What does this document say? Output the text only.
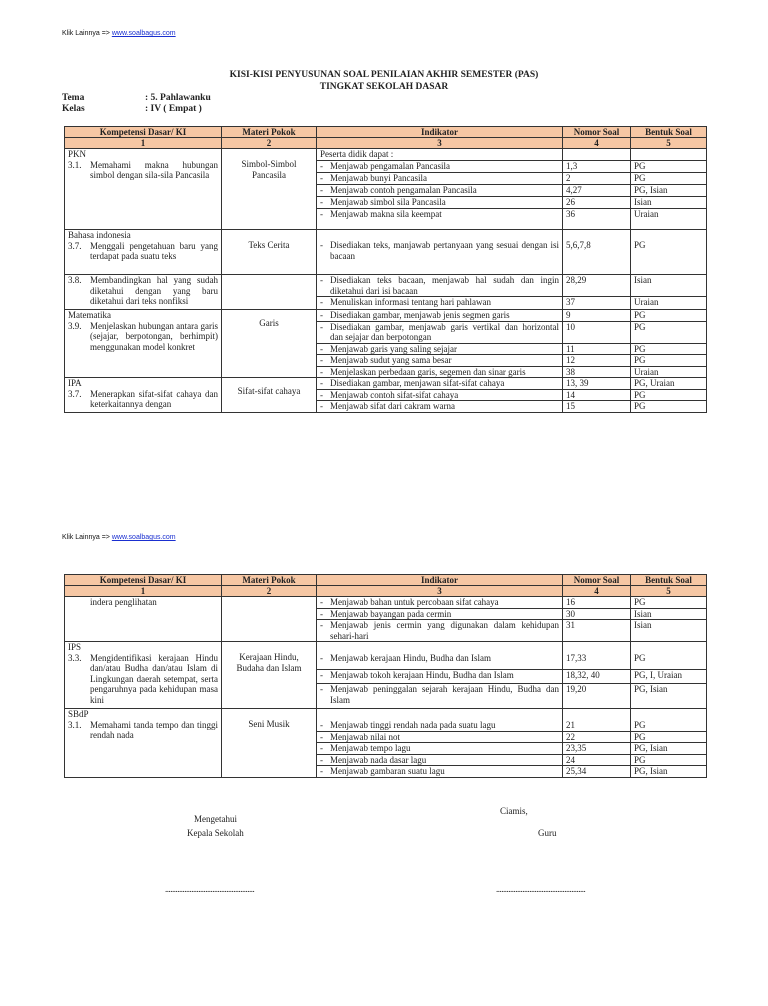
Klik Lainnya => www.soalbagus.com
KISI-KISI PENYUSUNAN SOAL PENILAIAN AKHIR SEMESTER (PAS)
TINGKAT SEKOLAH DASAR
Tema	: 5. Pahlawanku
Kelas	: IV ( Empat )
Kompetensi Dasar/ KI	Materi Pokok	Indikator	Nomor Soal	Bentuk Soal
1	2	3	4	5

PKN
3.1. Memahami makna hubungan simbol dengan sila-sila Pancasila	Simbol-Simbol Pancasila	Peserta didik dapat :		

		- Menjawab pengamalan Pancasila	1,3	PG

		- Menjawab bunyi Pancasila	2	PG

		- Menjawab contoh pengamalan Pancasila	4,27	PG, Isian

		- Menjawab simbol sila Pancasila	26	Isian

		- Menjawab makna sila keempat	36	Uraian

Bahasa indonesia
3.7. Menggali pengetahuan baru yang terdapat pada suatu teks	Teks Cerita	- Disediakan teks, manjawab pertanyaan yang sesuai dengan isi bacaan	5,6,7,8	PG

3.8. Membandingkan hal yang sudah diketahui dengan yang baru diketahui dari teks nonfiksi		- Disediakan teks bacaan, menjawab hal sudah dan ingin diketahui dari isi bacaan	28,29	Isian

		- Menuliskan informasi tentang hari pahlawan	37	Uraian

Matematika
3.9. Menjelaskan hubungan antara garis (sejajar, berpotongan, berhimpit) menggunakan model konkret	Garis	- Disediakan gambar, menjawab jenis segmen garis	9	PG

		- Disediakan gambar, menjawab garis vertikal dan horizontal dan sejajar dan berpotongan	10	PG

		- Menjawab garis yang saling sejajar	11	PG

		- Menjawab sudut yang sama besar	12	PG

		- Menjelaskan perbedaan garis, segemen dan sinar garis	38	Uraian

IPA
3.7. Menerapkan sifat-sifat cahaya dan keterkaitannya dengan	Sifat-sifat cahaya	- Disediakan gambar, menjawan sifat-sifat cahaya	13, 39	PG, Uraian

		- Menjawab contoh sifat-sifat cahaya	14	PG

		- Menjawab sifat dari cakram warna	15	PG
Klik Lainnya => www.soalbagus.com
Kompetensi Dasar/ KI	Materi Pokok	Indikator	Nomor Soal	Bentuk Soal
1	2	3	4	5
indera penglihatan		- Menjawab bahan untuk percobaan sifat cahaya	16	PG

		- Menjawab bayangan pada cermin	30	Isian

		- Menjawab jenis cermin yang digunakan dalam kehidupan sehari-hari	31	Isian

IPS
3.3. Mengidentifikasi kerajaan Hindu dan/atau Budha dan/atau Islam di Lingkungan daerah setempat, serta pengaruhnya pada kehidupan masa kini	Kerajaan Hindu, Budaha dan Islam	- Menjawab kerajaan Hindu, Budha dan Islam	17,33	PG

		- Menjawab tokoh kerajaan Hindu, Budha dan Islam	18,32, 40	PG, I, Uraian

		- Menjawab peninggalan sejarah kerajaan Hindu, Budha dan Islam	19,20	PG, Isian

SBdP
3.1. Memahami tanda tempo dan tinggi rendah nada	Seni Musik	- Menjawab tinggi rendah nada pada suatu lagu	21	PG

		- Menjawab nilai not	22	PG

		- Menjawab tempo lagu	23,35	PG, Isian

		- Menjawab nada dasar lagu	24	PG

		- Menjawab gambaran suatu lagu	25,34	PG, Isian
Ciamis,
Mengetahui
Kepala Sekolah	Guru
...................................................	...................................................
